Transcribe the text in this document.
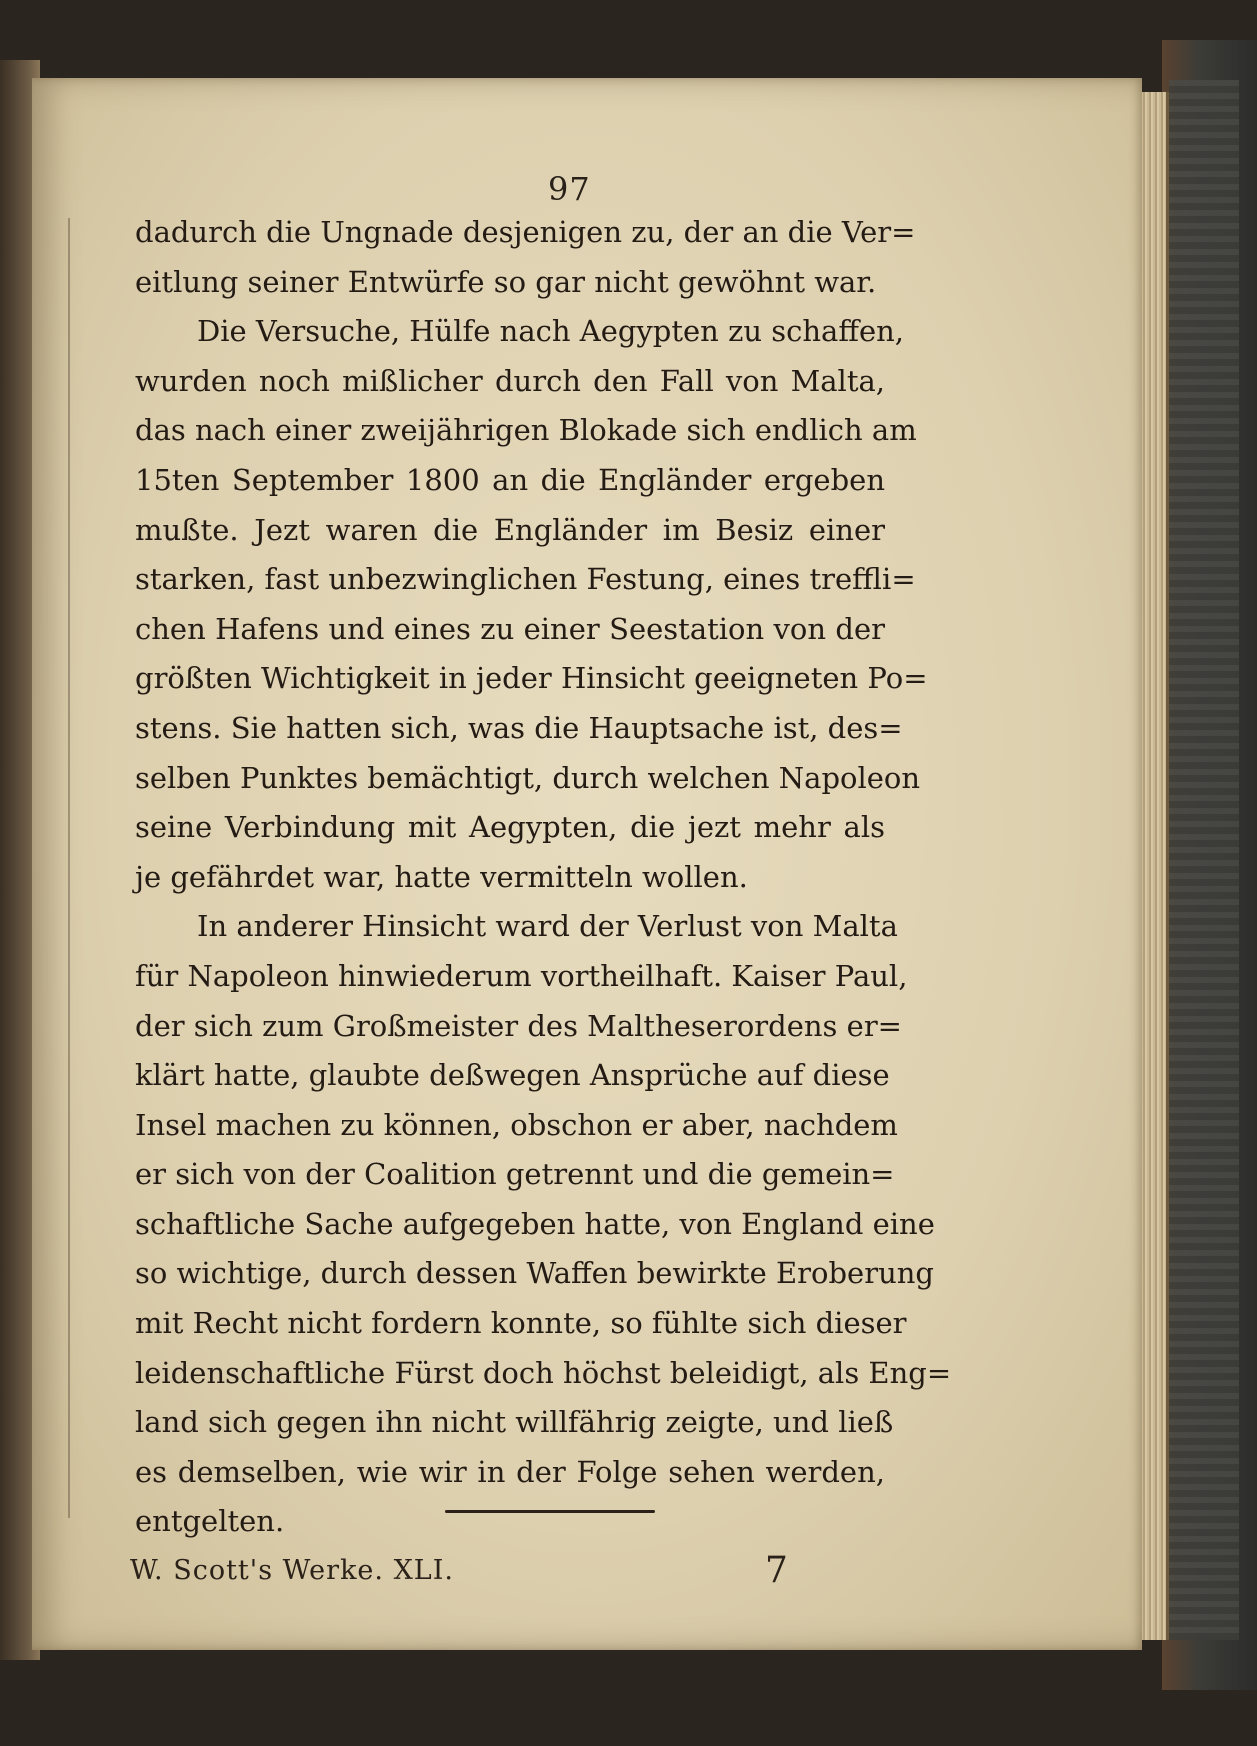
97
dadurch die Ungnade desjenigen zu, der an die Ver=
eitlung seiner Entwürfe so gar nicht gewöhnt war.
Die Versuche, Hülfe nach Aegypten zu schaffen,
wurden noch mißlicher durch den Fall von Malta,
das nach einer zweijährigen Blokade sich endlich am
15ten September 1800 an die Engländer ergeben
mußte. Jezt waren die Engländer im Besiz einer
starken, fast unbezwinglichen Festung, eines treffli=
chen Hafens und eines zu einer Seestation von der
größten Wichtigkeit in jeder Hinsicht geeigneten Po=
stens. Sie hatten sich, was die Hauptsache ist, des=
selben Punktes bemächtigt, durch welchen Napoleon
seine Verbindung mit Aegypten, die jezt mehr als
je gefährdet war, hatte vermitteln wollen.
In anderer Hinsicht ward der Verlust von Malta
für Napoleon hinwiederum vortheilhaft. Kaiser Paul,
der sich zum Großmeister des Maltheserordens er=
klärt hatte, glaubte deßwegen Ansprüche auf diese
Insel machen zu können, obschon er aber, nachdem
er sich von der Coalition getrennt und die gemein=
schaftliche Sache aufgegeben hatte, von England eine
so wichtige, durch dessen Waffen bewirkte Eroberung
mit Recht nicht fordern konnte, so fühlte sich dieser
leidenschaftliche Fürst doch höchst beleidigt, als Eng=
land sich gegen ihn nicht willfährig zeigte, und ließ
es demselben, wie wir in der Folge sehen werden,
entgelten.
W. Scott's Werke. XLI.	7
